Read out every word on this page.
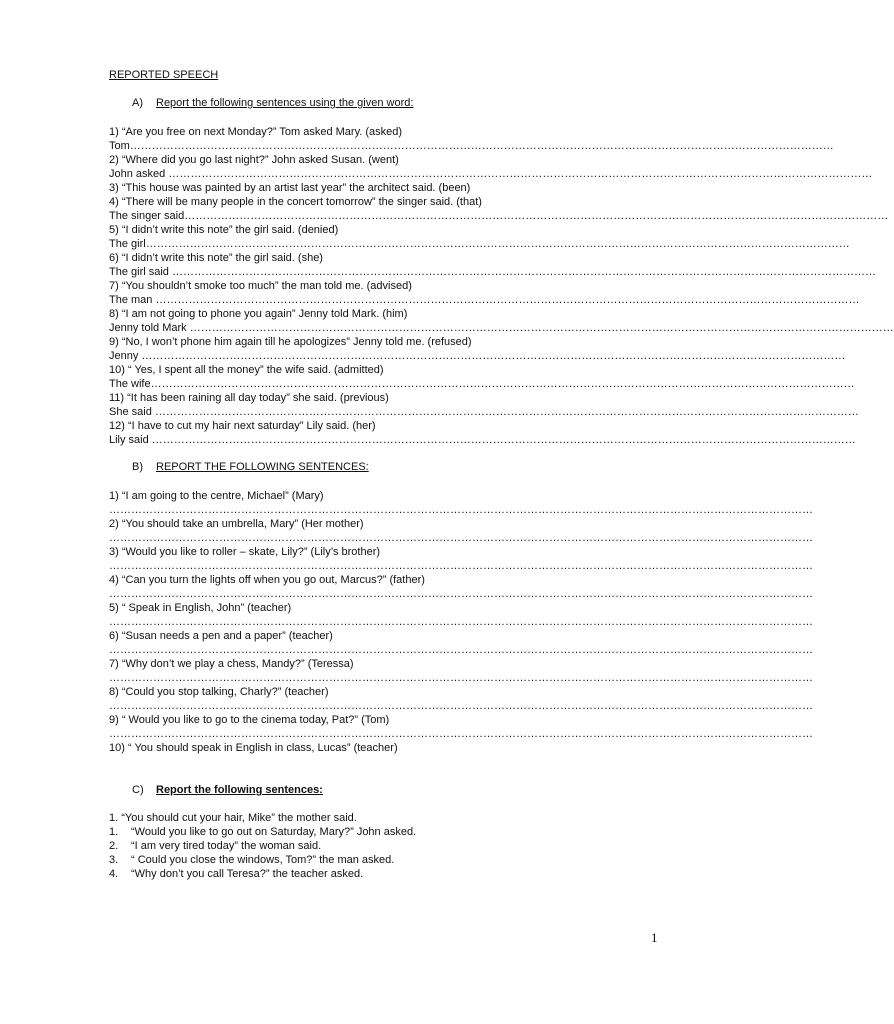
REPORTED SPEECH
A) Report the following sentences using the given word:
1) “Are you free on next Monday?” Tom asked Mary. (asked)
Tom…………………………………………………………………………………………………………………………………………………………………………
2) “Where did you go last night?” John asked Susan. (went)
John asked …………………………………………………………………………………………………………………………………………………………………………
3) “This house was painted by an artist last year” the architect said. (been)
4) “There will be many people in the concert tomorrow” the singer said. (that)
The singer said…………………………………………………………………………………………………………………………………………………………………………
5) “I didn’t write this note” the girl said. (denied)
The girl…………………………………………………………………………………………………………………………………………………………………………
6) “I didn’t write this note” the girl said. (she)
The girl said …………………………………………………………………………………………………………………………………………………………………………
7) “You shouldn’t smoke too much” the man told me. (advised)
The man …………………………………………………………………………………………………………………………………………………………………………
8) “I am not going to phone you again” Jenny told Mark. (him)
Jenny told Mark …………………………………………………………………………………………………………………………………………………………………………
9) “No, I won’t phone him again till he apologizes” Jenny told me. (refused)
Jenny …………………………………………………………………………………………………………………………………………………………………………
10) “ Yes, I spent all the money” the wife said. (admitted)
The wife…………………………………………………………………………………………………………………………………………………………………………
11) “It has been raining all day today” she said. (previous)
She said …………………………………………………………………………………………………………………………………………………………………………
12) “I have to cut my hair next saturday” Lily said. (her)
Lily said …………………………………………………………………………………………………………………………………………………………………………
B) REPORT THE FOLLOWING SENTENCES:
1) “I am going to the centre, Michael” (Mary)
…………………………………………………………………………………………………………………………………………………………………………
2) “You should take an umbrella, Mary” (Her mother)
…………………………………………………………………………………………………………………………………………………………………………
3) “Would you like to roller – skate, Lily?” (Lily’s brother)
…………………………………………………………………………………………………………………………………………………………………………
4) “Can you turn the lights off when you go out, Marcus?” (father)
…………………………………………………………………………………………………………………………………………………………………………
5) “ Speak in English, John” (teacher)
…………………………………………………………………………………………………………………………………………………………………………
6) “Susan needs a pen and a paper” (teacher)
…………………………………………………………………………………………………………………………………………………………………………
7) “Why don’t we play a chess, Mandy?” (Teressa)
…………………………………………………………………………………………………………………………………………………………………………
8) “Could you stop talking, Charly?” (teacher)
…………………………………………………………………………………………………………………………………………………………………………
9) “ Would you like to go to the cinema today, Pat?” (Tom)
…………………………………………………………………………………………………………………………………………………………………………
10) “ You should speak in English in class, Lucas” (teacher)
C) Report the following sentences:
1. “You should cut your hair, Mike” the mother said.
1. “Would you like to go out on Saturday, Mary?” John asked.
2. “I am very tired today” the woman said.
3. “ Could you close the windows, Tom?” the man asked.
4. “Why don’t you call Teresa?” the teacher asked.
1
